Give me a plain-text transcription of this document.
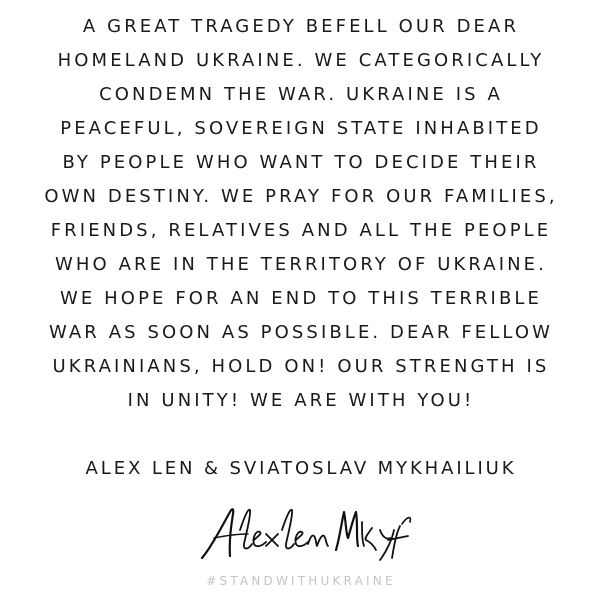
A GREAT TRAGEDY BEFELL OUR DEAR
HOMELAND UKRAINE. WE CATEGORICALLY
CONDEMN THE WAR. UKRAINE IS A
PEACEFUL, SOVEREIGN STATE INHABITED
BY PEOPLE WHO WANT TO DECIDE THEIR
OWN DESTINY. WE PRAY FOR OUR FAMILIES,
FRIENDS, RELATIVES AND ALL THE PEOPLE
WHO ARE IN THE TERRITORY OF UKRAINE.
WE HOPE FOR AN END TO THIS TERRIBLE
WAR AS SOON AS POSSIBLE. DEAR FELLOW
UKRAINIANS, HOLD ON! OUR STRENGTH IS
IN UNITY! WE ARE WITH YOU!
ALEX LEN & SVIATOSLAV MYKHAILIUK
#STANDWITHUKRAINE
